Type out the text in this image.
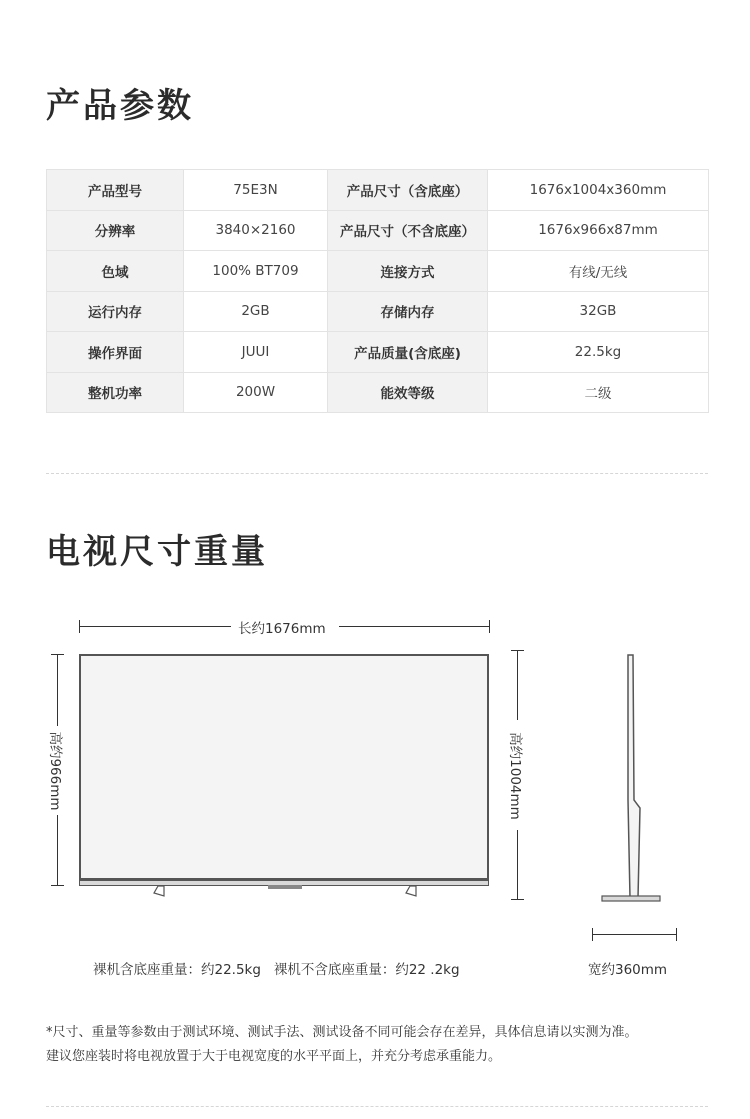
产品参数
产品型号	75E3N	产品尺寸（含底座）	1676x1004x360mm
分辨率	3840×2160	产品尺寸（不含底座）	1676x966x87mm
色域	100% BT709	连接方式	有线/无线
运行内存	2GB	存储内存	32GB
操作界面	JUUI	产品质量(含底座)	22.5kg
整机功率	200W	能效等级	二级
电视尺寸重量
长约1676mm
高约966mm	高约1004mm
宽约360mm
裸机含底座重量：约22.5kg   裸机不含底座重量：约22 .2kg
*尺寸、重量等参数由于测试环境、测试手法、测试设备不同可能会存在差异，具体信息请以实测为准。
建议您座装时将电视放置于大于电视宽度的水平平面上，并充分考虑承重能力。
